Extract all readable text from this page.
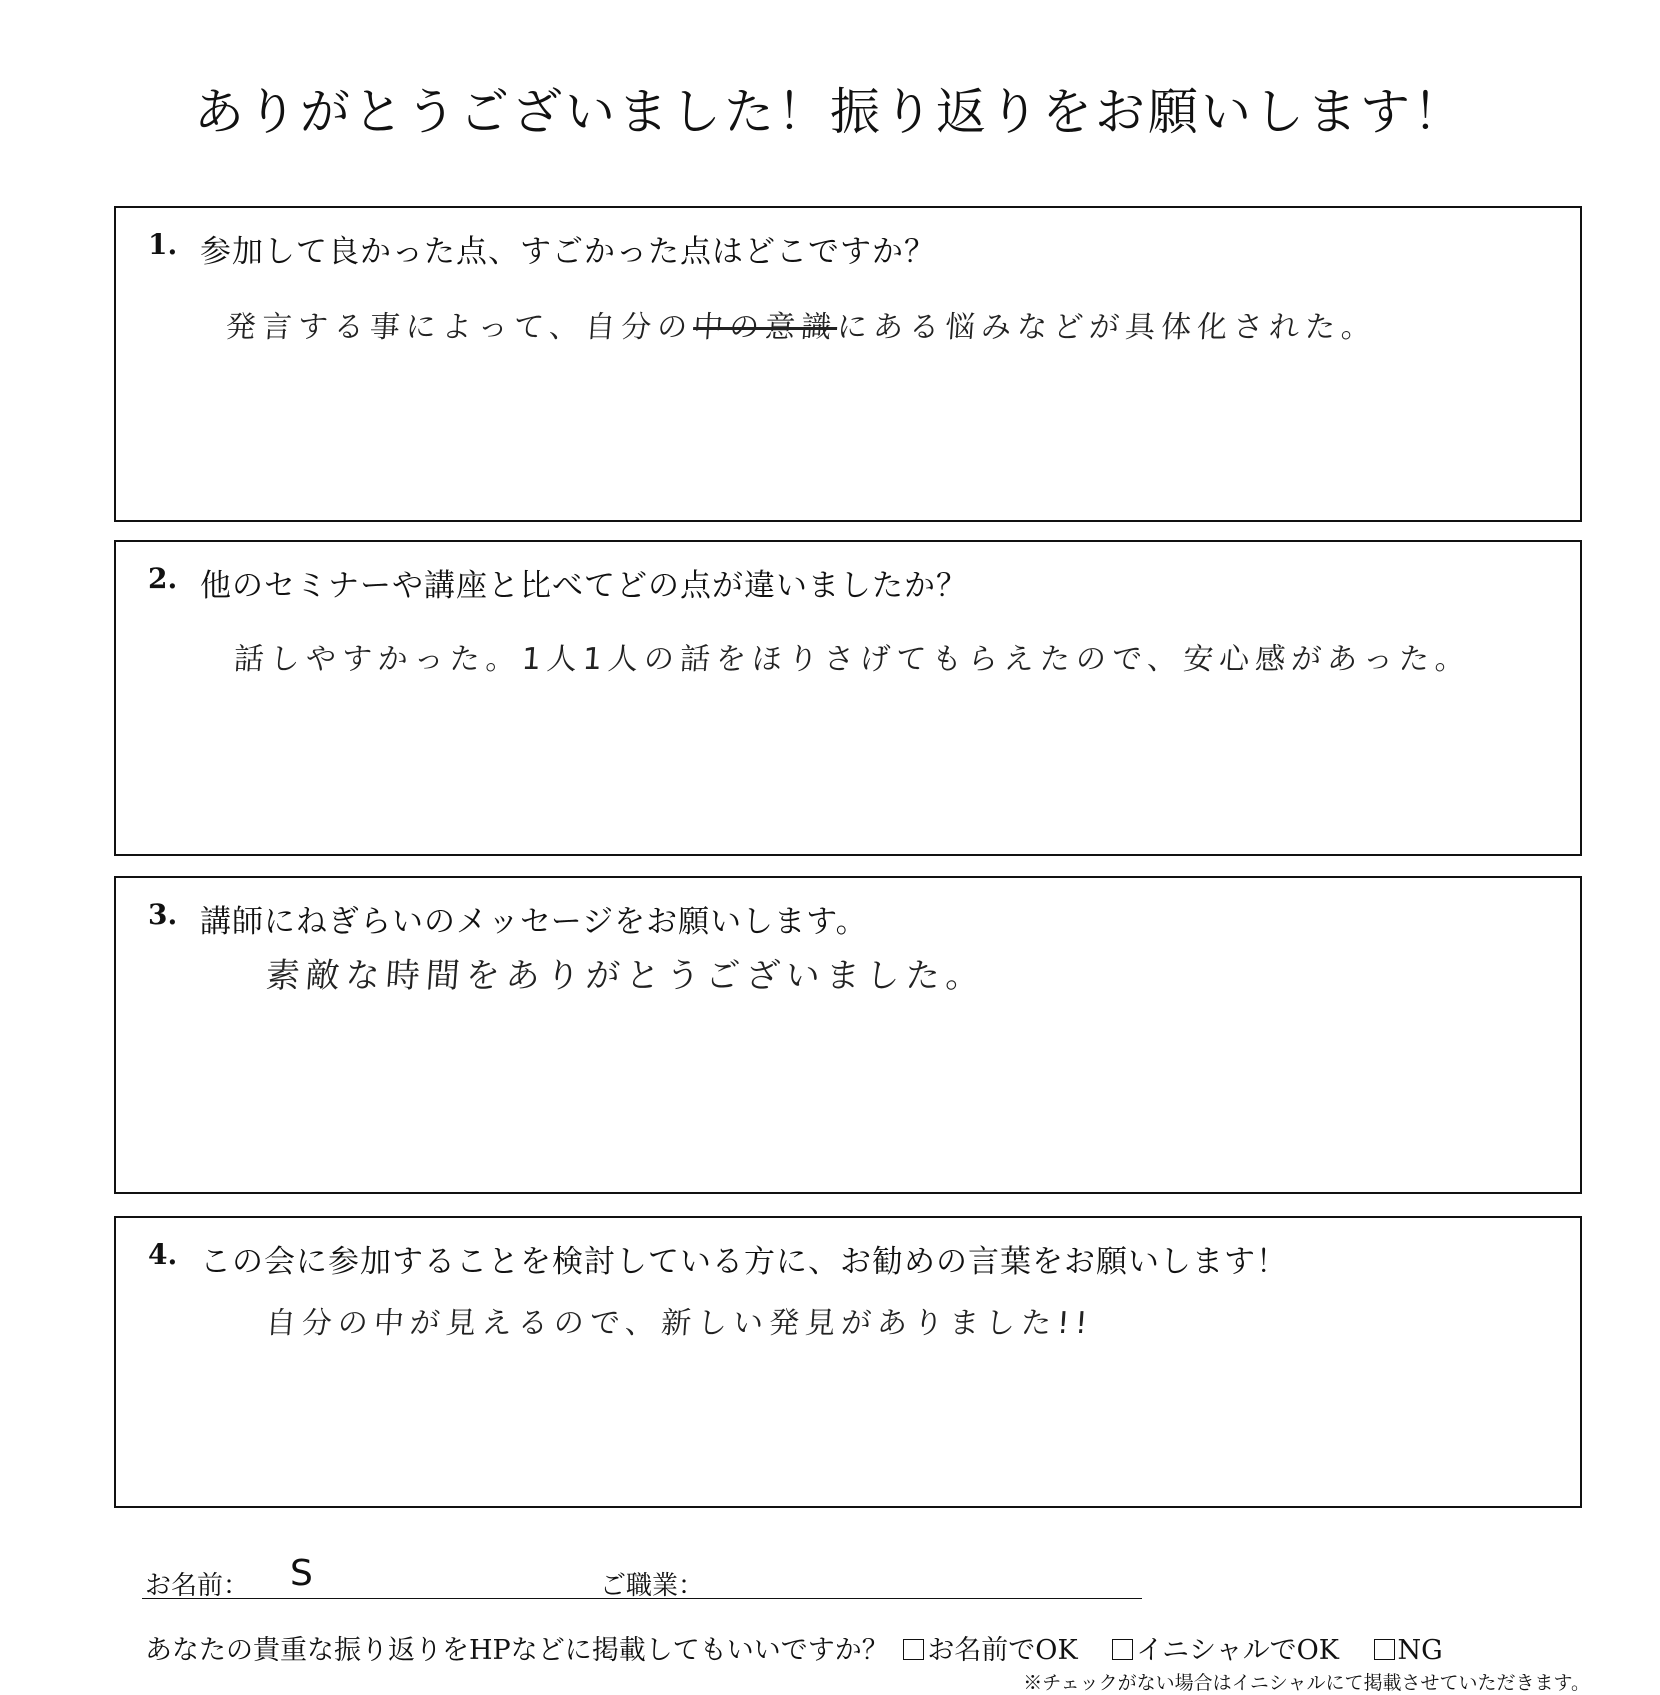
ありがとうございました！振り返りをお願いします！
1. 参加して良かった点、すごかった点はどこですか？
発言する事によって、自分の中の意識にある悩みなどが具体化された。
2. 他のセミナーや講座と比べてどの点が違いましたか？
話しやすかった。1人1人の話をほりさげてもらえたので、安心感があった。
3. 講師にねぎらいのメッセージをお願いします。
素敵な時間をありがとうございました。
4. この会に参加することを検討している方に、お勧めの言葉をお願いします！
自分の中が見えるので、新しい発見がありました!!
お名前： S	ご職業：
あなたの貴重な振り返りをHPなどに掲載してもいいですか？ お名前でOK イニシャルでOK NG
※チェックがない場合はイニシャルにて掲載させていただきます。
